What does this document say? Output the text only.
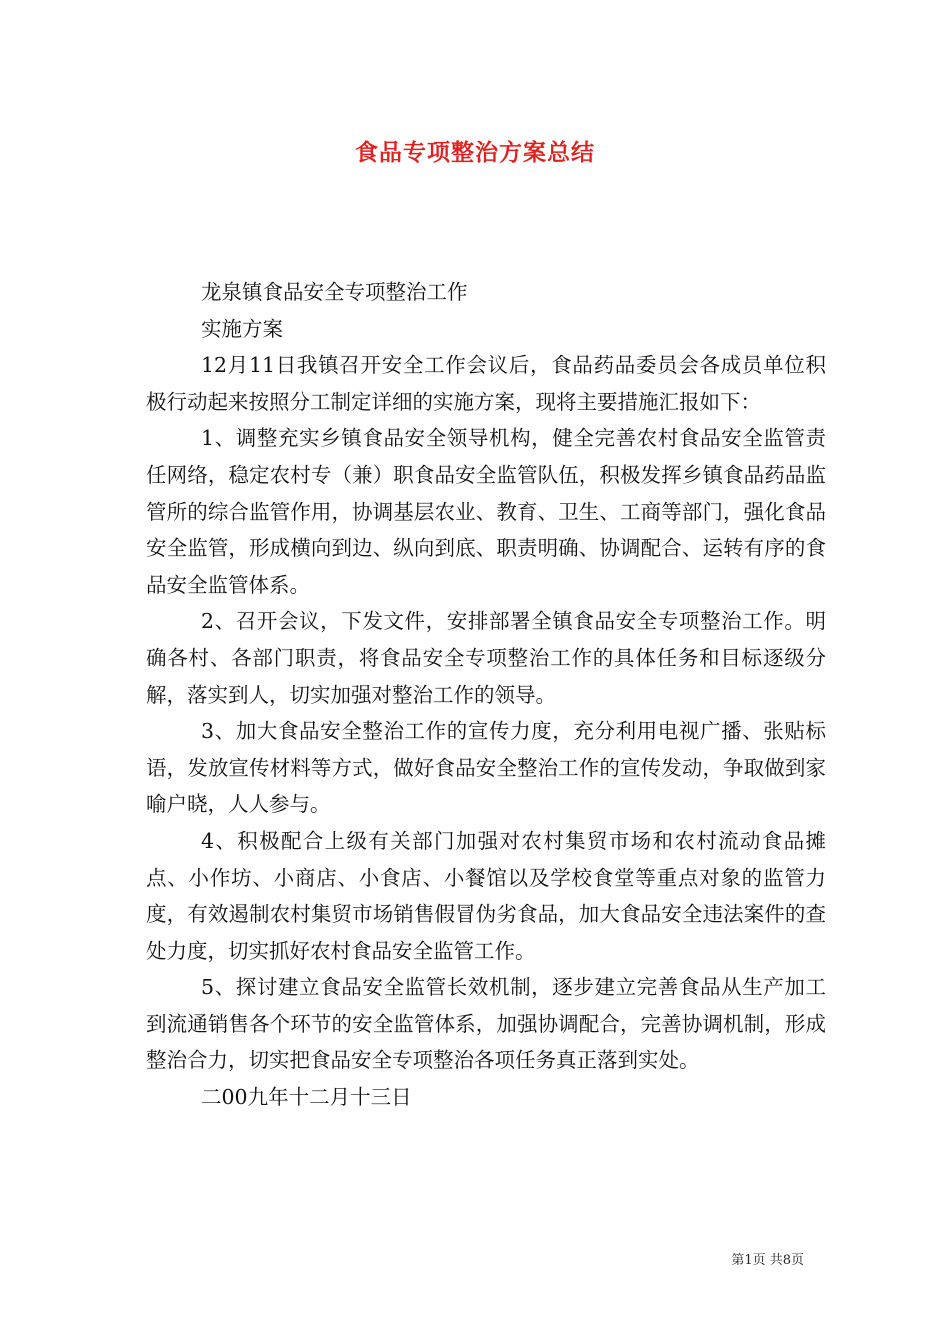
食品专项整治方案总结

龙泉镇食品安全专项整治工作

实施方案

12月11日我镇召开安全工作会议后，食品药品委员会各成员单位积极行动起来按照分工制定详细的实施方案，现将主要措施汇报如下：

1、调整充实乡镇食品安全领导机构，健全完善农村食品安全监管责任网络，稳定农村专（兼）职食品安全监管队伍，积极发挥乡镇食品药品监管所的综合监管作用，协调基层农业、教育、卫生、工商等部门，强化食品安全监管，形成横向到边、纵向到底、职责明确、协调配合、运转有序的食品安全监管体系。

2、召开会议，下发文件，安排部署全镇食品安全专项整治工作。明确各村、各部门职责，将食品安全专项整治工作的具体任务和目标逐级分解，落实到人，切实加强对整治工作的领导。

3、加大食品安全整治工作的宣传力度，充分利用电视广播、张贴标语，发放宣传材料等方式，做好食品安全整治工作的宣传发动，争取做到家喻户晓，人人参与。

4、积极配合上级有关部门加强对农村集贸市场和农村流动食品摊点、小作坊、小商店、小食店、小餐馆以及学校食堂等重点对象的监管力度，有效遏制农村集贸市场销售假冒伪劣食品，加大食品安全违法案件的查处力度，切实抓好农村食品安全监管工作。

5、探讨建立食品安全监管长效机制，逐步建立完善食品从生产加工到流通销售各个环节的安全监管体系，加强协调配合，完善协调机制，形成整治合力，切实把食品安全专项整治各项任务真正落到实处。

二00九年十二月十三日

第1页 共8页
